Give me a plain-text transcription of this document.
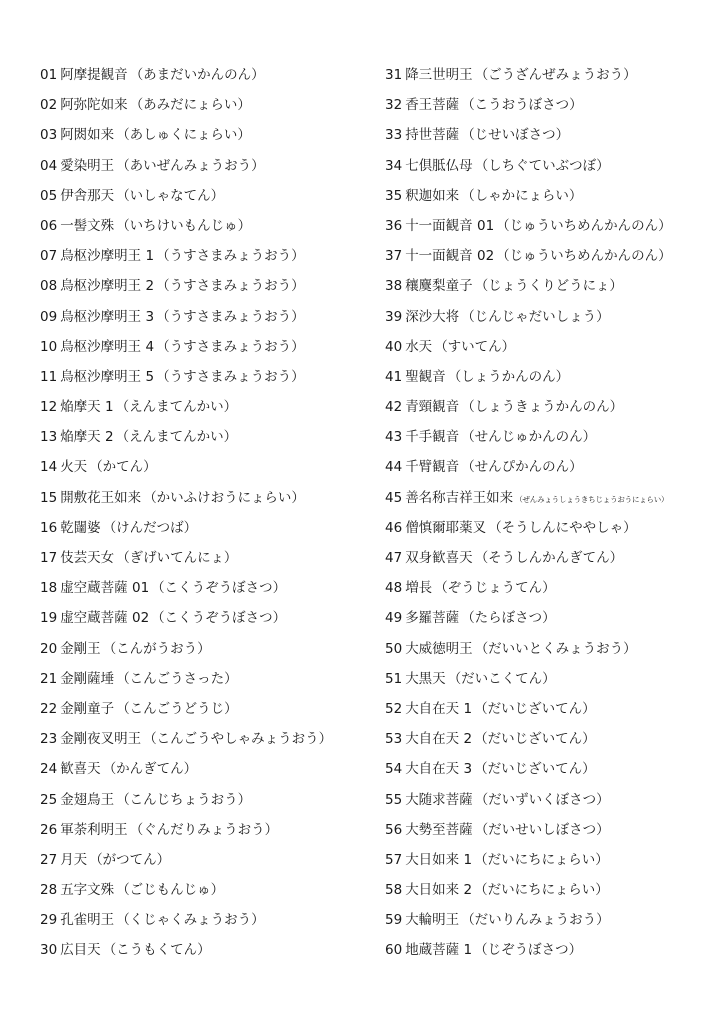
01 阿摩提観音 （あまだいかんのん）
02 阿弥陀如来 （あみだにょらい）
03 阿閦如来 （あしゅくにょらい）
04 愛染明王 （あいぜんみょうおう）
05 伊舎那天 （いしゃなてん）
06 一髻文殊 （いちけいもんじゅ）
07 烏枢沙摩明王 1 （うすさまみょうおう）
08 烏枢沙摩明王 2 （うすさまみょうおう）
09 烏枢沙摩明王 3 （うすさまみょうおう）
10 烏枢沙摩明王 4 （うすさまみょうおう）
11 烏枢沙摩明王 5 （うすさまみょうおう）
12 焔摩天 1 （えんまてんかい）
13 焔摩天 2 （えんまてんかい）
14 火天 （かてん）
15 開敷花王如来 （かいふけおうにょらい）
16 乾闥婆 （けんだつば）
17 伎芸天女 （ぎげいてんにょ）
18 虚空蔵菩薩 01 （こくうぞうぼさつ）
19 虚空蔵菩薩 02 （こくうぞうぼさつ）
20 金剛王 （こんがうおう）
21 金剛薩埵 （こんごうさった）
22 金剛童子 （こんごうどうじ）
23 金剛夜叉明王 （こんごうやしゃみょうおう）
24 歓喜天 （かんぎてん）
25 金翅鳥王 （こんじちょうおう）
26 軍荼利明王 （ぐんだりみょうおう）
27 月天 （がつてん）
28 五字文殊 （ごじもんじゅ）
29 孔雀明王 （くじゃくみょうおう）
30 広目天 （こうもくてん）
31 降三世明王 （ごうざんぜみょうおう）
32 香王菩薩 （こうおうぼさつ）
33 持世菩薩 （じせいぼさつ）
34 七倶胝仏母 （しちぐていぶつぼ）
35 釈迦如来 （しゃかにょらい）
36 十一面観音 01 （じゅういちめんかんのん）
37 十一面観音 02 （じゅういちめんかんのん）
38 穰麌梨童子 （じょうくりどうにょ）
39 深沙大将 （じんじゃだいしょう）
40 水天 （すいてん）
41 聖観音 （しょうかんのん）
42 青頸観音 （しょうきょうかんのん）
43 千手観音 （せんじゅかんのん）
44 千臂観音 （せんぴかんのん）
45 善名称吉祥王如来 （ぜんみょうしょうきちじょうおうにょらい）
46 僧慎爾耶薬叉 （そうしんにややしゃ）
47 双身歓喜天 （そうしんかんぎてん）
48 増長 （ぞうじょうてん）
49 多羅菩薩 （たらぼさつ）
50 大威徳明王 （だいいとくみょうおう）
51 大黒天 （だいこくてん）
52 大自在天 1 （だいじざいてん）
53 大自在天 2 （だいじざいてん）
54 大自在天 3 （だいじざいてん）
55 大随求菩薩 （だいずいくぼさつ）
56 大勢至菩薩 （だいせいしぼさつ）
57 大日如来 1 （だいにちにょらい）
58 大日如来 2 （だいにちにょらい）
59 大輪明王 （だいりんみょうおう）
60 地蔵菩薩 1 （じぞうぼさつ）
